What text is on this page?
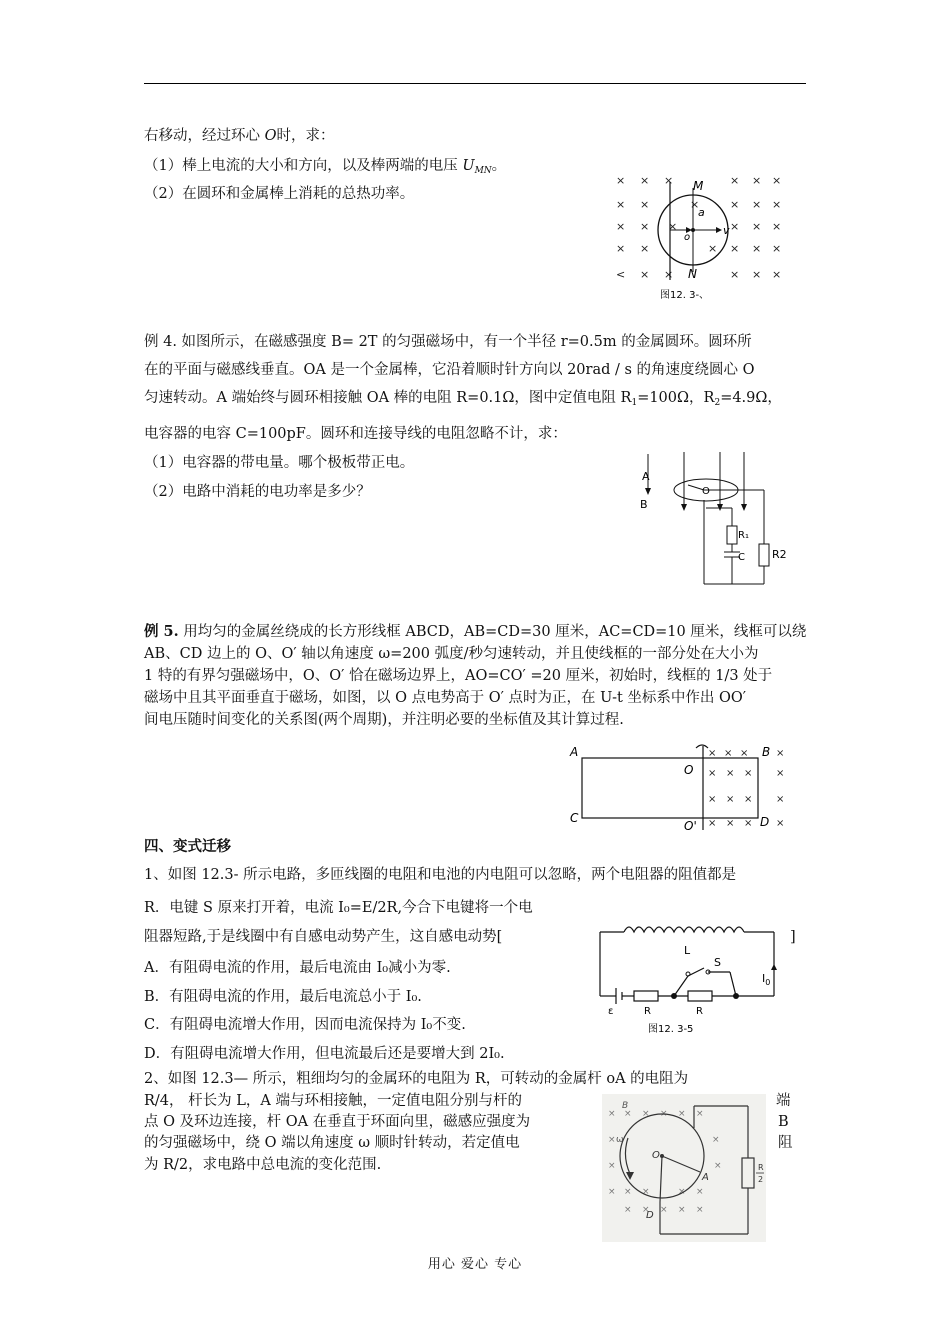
右移动，经过环心 O时，求：
（1）棒上电流的大小和方向，以及棒两端的电压 $U_{MN}$。
（2）在圆环和金属棒上消耗的总热功率。
× × ×	× × ×
× ×	× × ×
× ×	× × ×
× ×	× × ×
< × ×	× × ×
×
×
×
M
a
o
v
N
图12. 3-、
例 4. 如图所示，在磁感强度 B= 2T 的匀强磁场中，有一个半径 r=0.5m 的金属圆环。圆环所
在的平面与磁感线垂直。OA 是一个金属棒，它沿着顺时针方向以 20rad / s 的角速度绕圆心 O
匀速转动。A 端始终与圆环相接触 OA 棒的电阻 R=0.1Ω，图中定值电阻 $R_1=100\Omega$，$R_2=4.9\Omega$，
电容器的电容 C=100pF。圆环和连接导线的电阻忽略不计，求：
（1）电容器的带电量。哪个极板带正电。
（2）电路中消耗的电功率是多少？
A
B
O
R₁
R2
C
例 5. 用均匀的金属丝绕成的长方形线框 ABCD，AB=CD=30 厘米，AC=CD=10 厘米，线框可以绕
AB、CD 边上的 O、O′ 轴以角速度 ω=200 弧度/秒匀速转动，并且使线框的一部分处在大小为
1 特的有界匀强磁场中，O、O′ 恰在磁场边界上，AO=CO′ =20 厘米，初始时，线框的 1/3 处于
磁场中且其平面垂直于磁场，如图，以 O 点电势高于 O′ 点时为正，在 U-t 坐标系中作出 OO′
间电压随时间变化的关系图(两个周期)，并注明必要的坐标值及其计算过程.
× × ×	×
× × × ×
× × × ×
× × × ×
A	B
C	D
O
O'
四、变式迁移
1、如图 12.3- 所示电路，多匝线圈的电阻和电池的内电阻可以忽略，两个电阻器的阻值都是
R．电键 S 原来打开着，电流 I₀=E/2R,今合下电键将一个电
阻器短路,于是线圈中有自感电动势产生，这自感电动势[	]
A．有阻碍电流的作用，最后电流由 I₀减小为零.
B．有阻碍电流的作用，最后电流总小于 I₀.
C．有阻碍电流增大作用，因而电流保持为 I₀不变.
D．有阻碍电流增大作用，但电流最后还是要增大到 2I₀.
2、如图 12.3— 所示，粗细均匀的金属环的电阻为 R，可转动的金属杆 oA 的电阻为
R/4， 杆长为 L，A 端与环相接触，一定值电阻分别与杆的	端
点 O 及环边连接，杆 OA 在垂直于环面向里，磁感应强度为	B
的匀强磁场中，绕 O 端以角速度 ω 顺时针转动，若定值电	阻
为 R/2，求电路中总电流的变化范围.
L
S
$I_0$
R	R
ε
图12. 3-5
× × × × × ×
×	×
×	×
× × ×	× ×
× × × × ×
B
O
A
D
ω
R
2
用心 爱心 专心
